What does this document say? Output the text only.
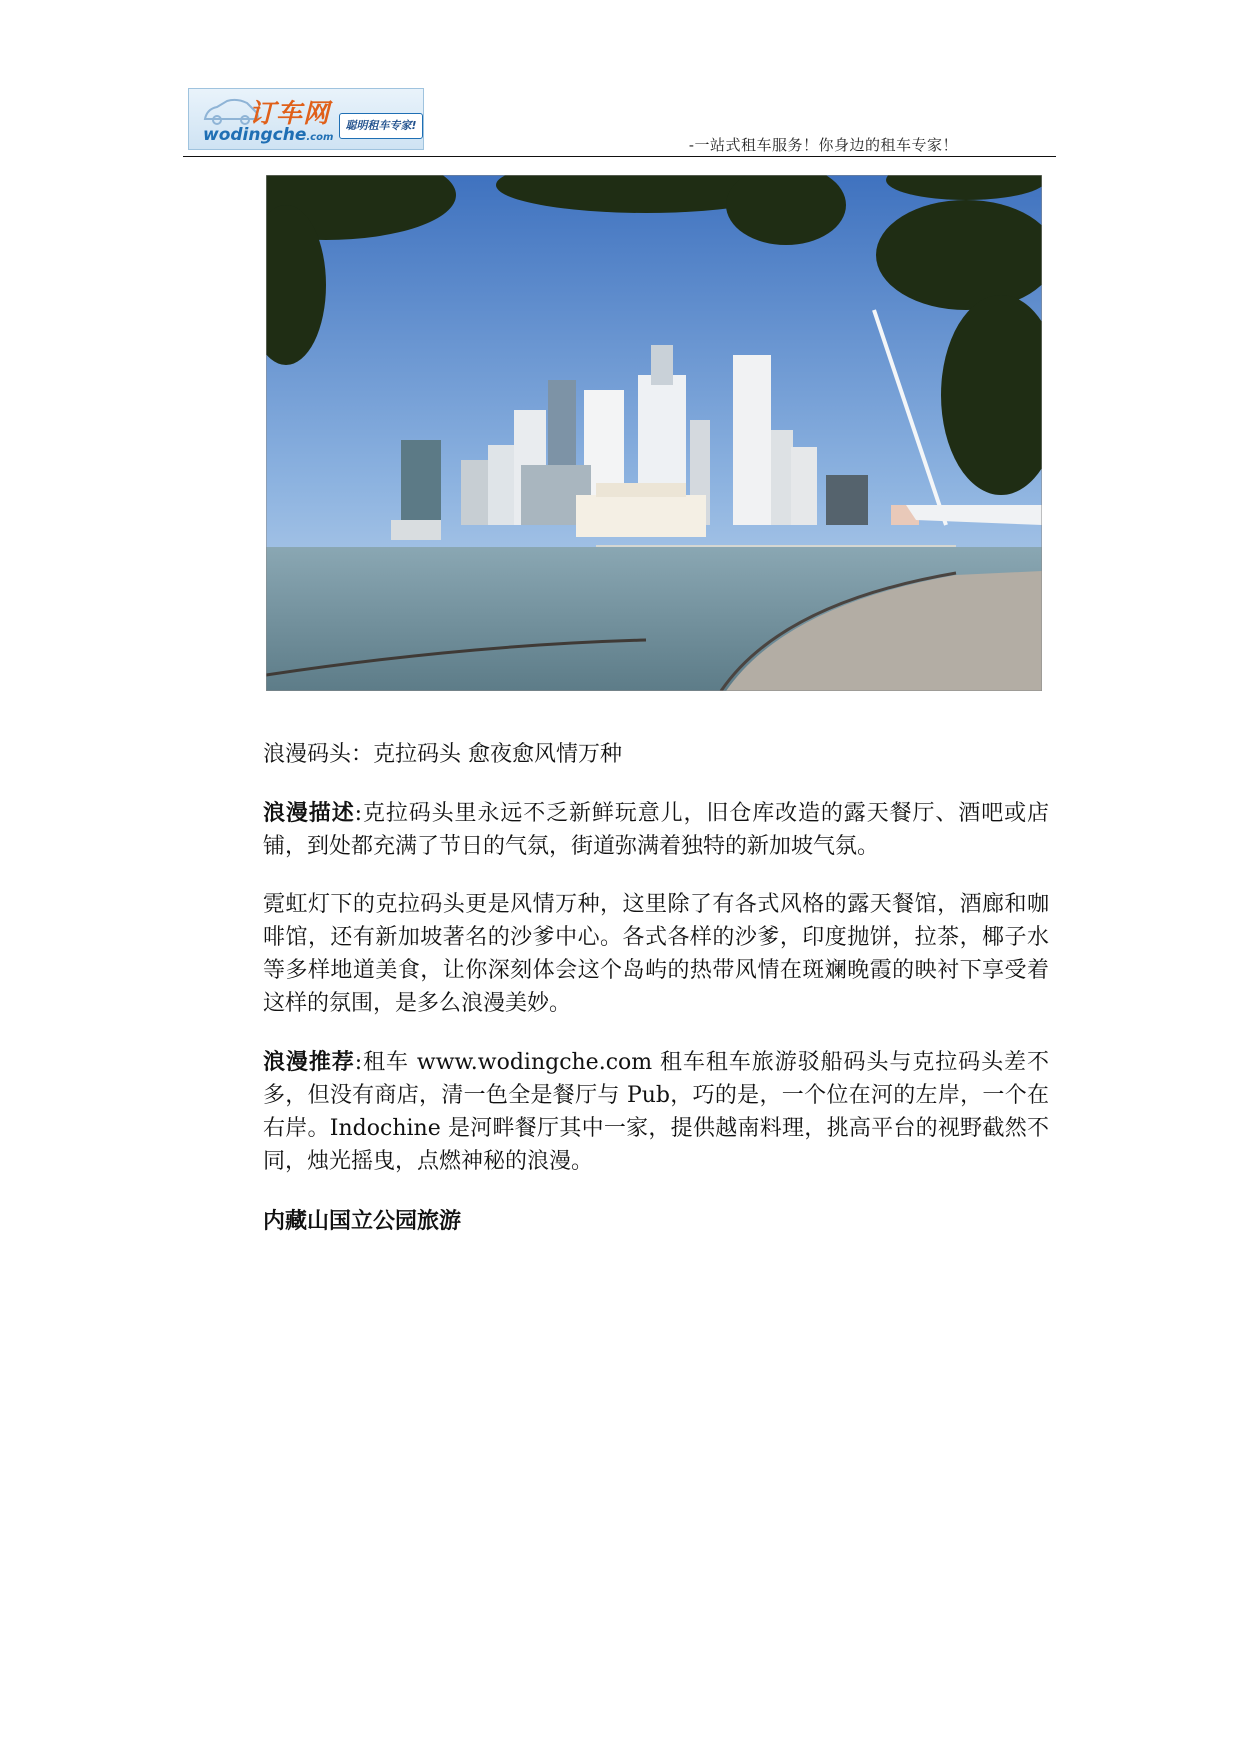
订车网
wodingche.com
聪明租车专家!
-一站式租车服务！你身边的租车专家！
浪漫码头：克拉码头 愈夜愈风情万种
浪漫描述:克拉码头里永远不乏新鲜玩意儿，旧仓库改造的露天餐厅、酒吧或店铺，到处都充满了节日的气氛，街道弥满着独特的新加坡气氛。
霓虹灯下的克拉码头更是风情万种，这里除了有各式风格的露天餐馆，酒廊和咖啡馆，还有新加坡著名的沙爹中心。各式各样的沙爹，印度抛饼，拉茶，椰子水等多样地道美食，让你深刻体会这个岛屿的热带风情在斑斓晚霞的映衬下享受着这样的氛围，是多么浪漫美妙。
浪漫推荐:租车 www.wodingche.com 租车租车旅游驳船码头与克拉码头差不多，但没有商店，清一色全是餐厅与 Pub，巧的是，一个位在河的左岸，一个在右岸。Indochine 是河畔餐厅其中一家，提供越南料理，挑高平台的视野截然不同，烛光摇曳，点燃神秘的浪漫。
内藏山国立公园旅游
